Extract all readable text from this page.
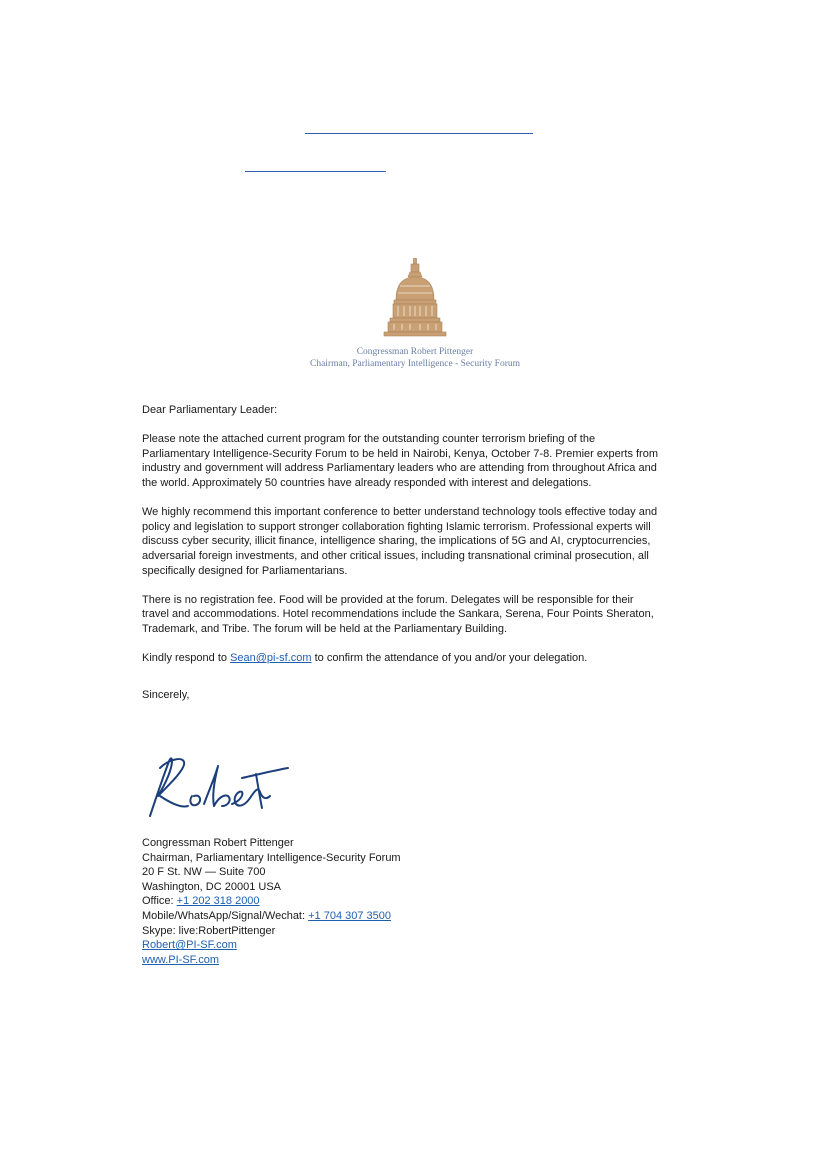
Congressman Robert Pittenger
Chairman, Parliamentary Intelligence - Security Forum

Dear Parliamentary Leader:

Please note the attached current program for the outstanding counter terrorism briefing of the Parliamentary Intelligence-Security Forum to be held in Nairobi, Kenya, October 7-8. Premier experts from industry and government will address Parliamentary leaders who are attending from throughout Africa and the world. Approximately 50 countries have already responded with interest and delegations.

We highly recommend this important conference to better understand technology tools effective today and policy and legislation to support stronger collaboration fighting Islamic terrorism. Professional experts will discuss cyber security, illicit finance, intelligence sharing, the implications of 5G and AI, cryptocurrencies, adversarial foreign investments, and other critical issues, including transnational criminal prosecution, all specifically designed for Parliamentarians.

There is no registration fee. Food will be provided at the forum. Delegates will be responsible for their travel and accommodations. Hotel recommendations include the Sankara, Serena, Four Points Sheraton, Trademark, and Tribe. The forum will be held at the Parliamentary Building.

Kindly respond to Sean@pi-sf.com to confirm the attendance of you and/or your delegation.

Sincerely,

Congressman Robert Pittenger
Chairman, Parliamentary Intelligence-Security Forum
20 F St. NW — Suite 700
Washington, DC 20001 USA
Office: +1 202 318 2000
Mobile/WhatsApp/Signal/Wechat: +1 704 307 3500
Skype: live:RobertPittenger
Robert@PI-SF.com
www.PI-SF.com
